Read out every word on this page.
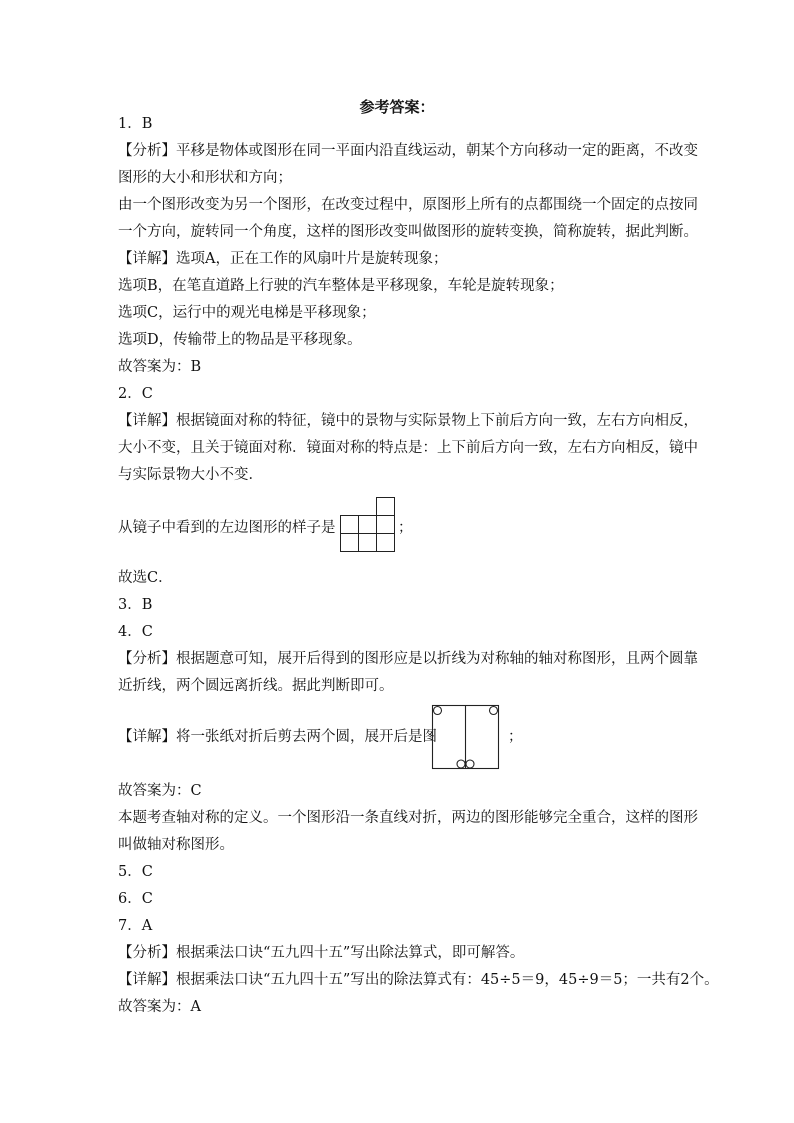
参考答案：
1．B
【分析】平移是物体或图形在同一平面内沿直线运动，朝某个方向移动一定的距离，不改变
图形的大小和形状和方向；
由一个图形改变为另一个图形，在改变过程中，原图形上所有的点都围绕一个固定的点按同
一个方向，旋转同一个角度，这样的图形改变叫做图形的旋转变换，简称旋转，据此判断。
【详解】选项A，正在工作的风扇叶片是旋转现象；
选项B，在笔直道路上行驶的汽车整体是平移现象，车轮是旋转现象；
选项C，运行中的观光电梯是平移现象；
选项D，传输带上的物品是平移现象。
故答案为：B
2．C
【详解】根据镜面对称的特征，镜中的景物与实际景物上下前后方向一致，左右方向相反，
大小不变，且关于镜面对称．镜面对称的特点是：上下前后方向一致，左右方向相反，镜中
与实际景物大小不变．
从镜子中看到的左边图形的样子是	；
故选C．
3．B
4．C
【分析】根据题意可知，展开后得到的图形应是以折线为对称轴的轴对称图形，且两个圆靠
近折线，两个圆远离折线。据此判断即可。
【详解】将一张纸对折后剪去两个圆，展开后是图	；
故答案为：C
本题考查轴对称的定义。一个图形沿一条直线对折，两边的图形能够完全重合，这样的图形
叫做轴对称图形。
5．C
6．C
7．A
【分析】根据乘法口诀“五九四十五”写出除法算式，即可解答。
【详解】根据乘法口诀“五九四十五”写出的除法算式有：45÷5＝9，45÷9＝5；一共有2个。
故答案为：A
